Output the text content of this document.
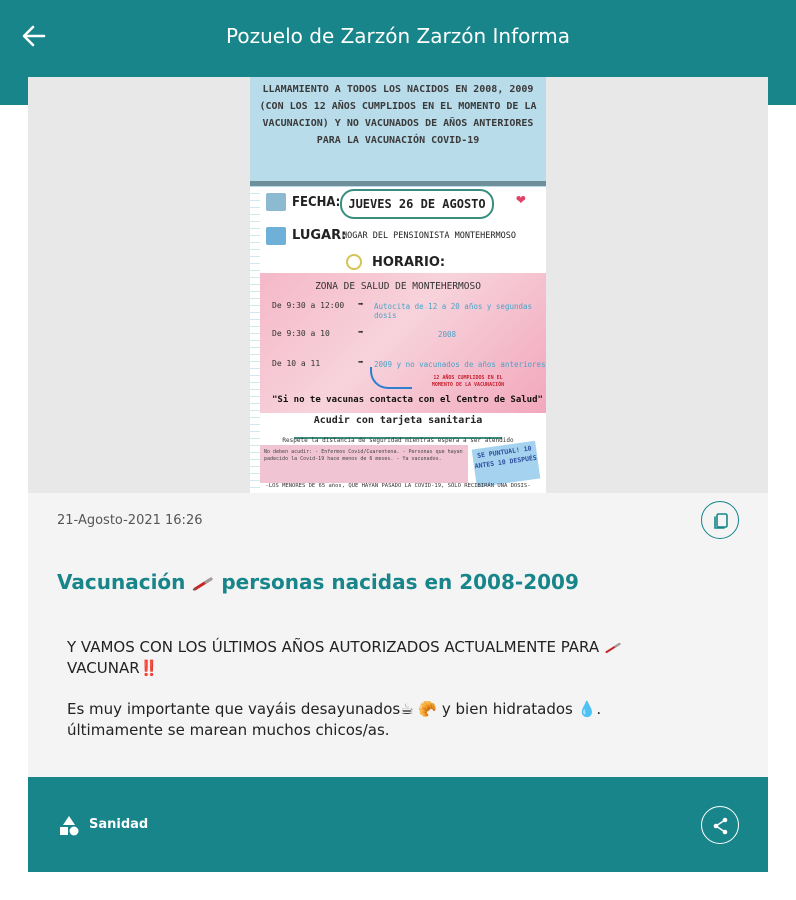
Pozuelo de Zarzón Zarzón Informa
LLAMAMIENTO A TODOS LOS NACIDOS EN 2008, 2009 (CON LOS 12 AÑOS CUMPLIDOS EN EL MOMENTO DE LA VACUNACION) Y NO VACUNADOS DE AÑOS ANTERIORES PARA LA VACUNACIÓN COVID-19
FECHA: JUEVES 26 DE AGOSTO	❤
LUGAR:
HOGAR DEL PENSIONISTA MONTEHERMOSO
HORARIO:
ZONA DE SALUD DE MONTEHERMOSO
De 9:30 a 12:00 ➡ Autocita de 12 a 20 años y segundas dosis
De 9:30 a 10	➡	2008
De 10 a 11	➡ 2009 y no vacunados de años anteriores
12 AÑOS CUMPLIDOS EN EL MOMENTO DE LA VACUNACIÓN
"Si no te vacunas contacta con el Centro de Salud"
Acudir con tarjeta sanitaria
Respete la distancia de seguridad mientras espera a ser atendido
No deben acudir: - Enfermos Covid/Cuarentena. - Personas que hayan padecido la Covid-19 hace menos de 6 meses. - Ya vacunados.	SE PUNTUAL! 10 ANTES 10 DESPUÉS
-LOS MENORES DE 65 años, QUE HAYAN PASADO LA COVID-19, SÓLO RECIBIRÁN UNA DOSIS-
21-Agosto-2021 16:26
Vacunación personas nacidas en 2008-2009

Y VAMOS CON LOS ÚLTIMOS AÑOS AUTORIZADOS ACTUALMENTE PARA
VACUNAR‼️

Es muy importante que vayáis desayunados☕ 🥐 y bien hidratados 💧. últimamente se marean muchos chicos/as.

Sanidad
